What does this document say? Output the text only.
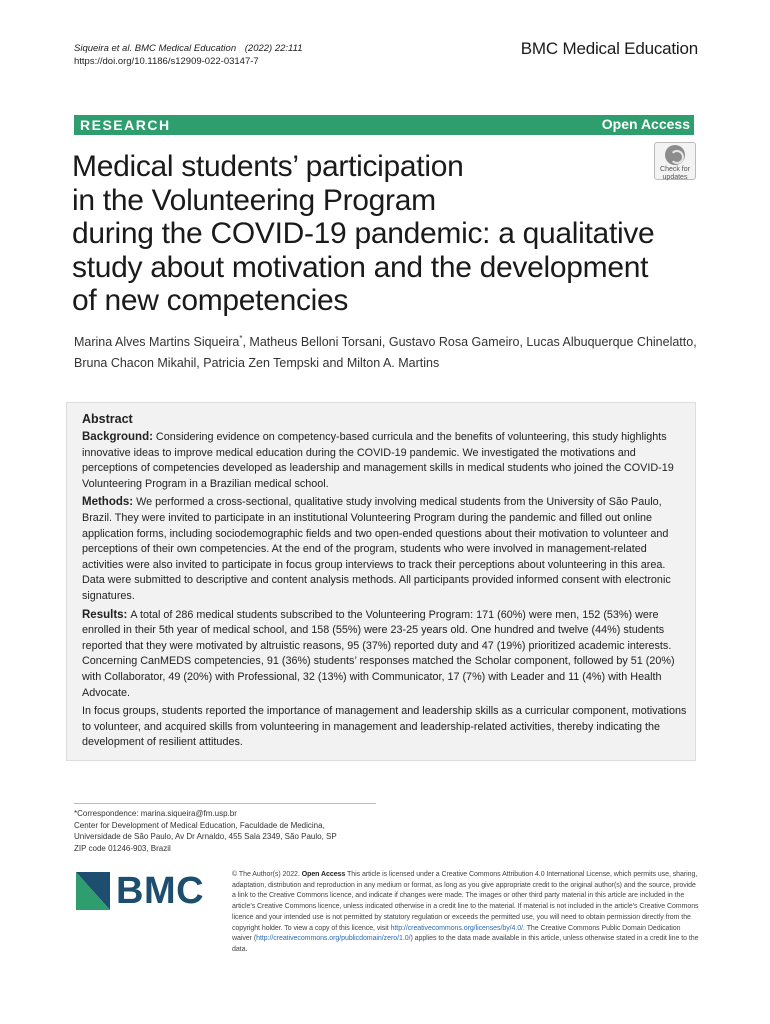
Siqueira et al. BMC Medical Education (2022) 22:111
https://doi.org/10.1186/s12909-022-03147-7
BMC Medical Education
RESEARCH	Open Access
Check for
updates
Medical students’ participation
in the Volunteering Program
during the COVID-19 pandemic: a qualitative
study about motivation and the development
of new competencies
Marina Alves Martins Siqueira*, Matheus Belloni Torsani, Gustavo Rosa Gameiro, Lucas Albuquerque Chinelatto,
Bruna Chacon Mikahil, Patricia Zen Tempski and Milton A. Martins
Abstract

Background: Considering evidence on competency-based curricula and the benefits of volunteering, this study highlights innovative ideas to improve medical education during the COVID-19 pandemic. We investigated the motivations and perceptions of competencies developed as leadership and management skills in medical students who joined the COVID-19 Volunteering Program in a Brazilian medical school.

Methods: We performed a cross-sectional, qualitative study involving medical students from the University of São Paulo, Brazil. They were invited to participate in an institutional Volunteering Program during the pandemic and filled out online application forms, including sociodemographic fields and two open-ended questions about their motivation to volunteer and perceptions of their own competencies. At the end of the program, students who were involved in management-related activities were also invited to participate in focus group interviews to track their perceptions about volunteering in this area. Data were submitted to descriptive and content analysis methods. All participants provided informed consent with electronic signatures.

Results: A total of 286 medical students subscribed to the Volunteering Program: 171 (60%) were men, 152 (53%) were enrolled in their 5th year of medical school, and 158 (55%) were 23-25 years old. One hundred and twelve (44%) students reported that they were motivated by altruistic reasons, 95 (37%) reported duty and 47 (19%) prioritized academic interests. Concerning CanMEDS competencies, 91 (36%) students’ responses matched the Scholar component, followed by 51 (20%) with Collaborator, 49 (20%) with Professional, 32 (13%) with Communicator, 17 (7%) with Leader and 11 (4%) with Health Advocate.

In focus groups, students reported the importance of management and leadership skills as a curricular component, motivations to volunteer, and acquired skills from volunteering in management and leadership-related activities, thereby indicating the development of resilient attitudes.

*Correspondence: marina.siqueira@fm.usp.br
Center for Development of Medical Education, Faculdade de Medicina,
Universidade de São Paulo, Av Dr Arnaldo, 455 Sala 2349, São Paulo, SP
ZIP code 01246-903, Brazil
BMC	© The Author(s) 2022. Open Access This article is licensed under a Creative Commons Attribution 4.0 International License, which permits use, sharing, adaptation, distribution and reproduction in any medium or format, as long as you give appropriate credit to the original author(s) and the source, provide a link to the Creative Commons licence, and indicate if changes were made. The images or other third party material in this article are included in the article’s Creative Commons licence, unless indicated otherwise in a credit line to the material. If material is not included in the article’s Creative Commons licence and your intended use is not permitted by statutory regulation or exceeds the permitted use, you will need to obtain permission directly from the copyright holder. To view a copy of this licence, visit http://creativecommons.org/licenses/by/4.0/. The Creative Commons Public Domain Dedication waiver (http://creativecommons.org/publicdomain/zero/1.0/) applies to the data made available in this article, unless otherwise stated in a credit line to the data.
